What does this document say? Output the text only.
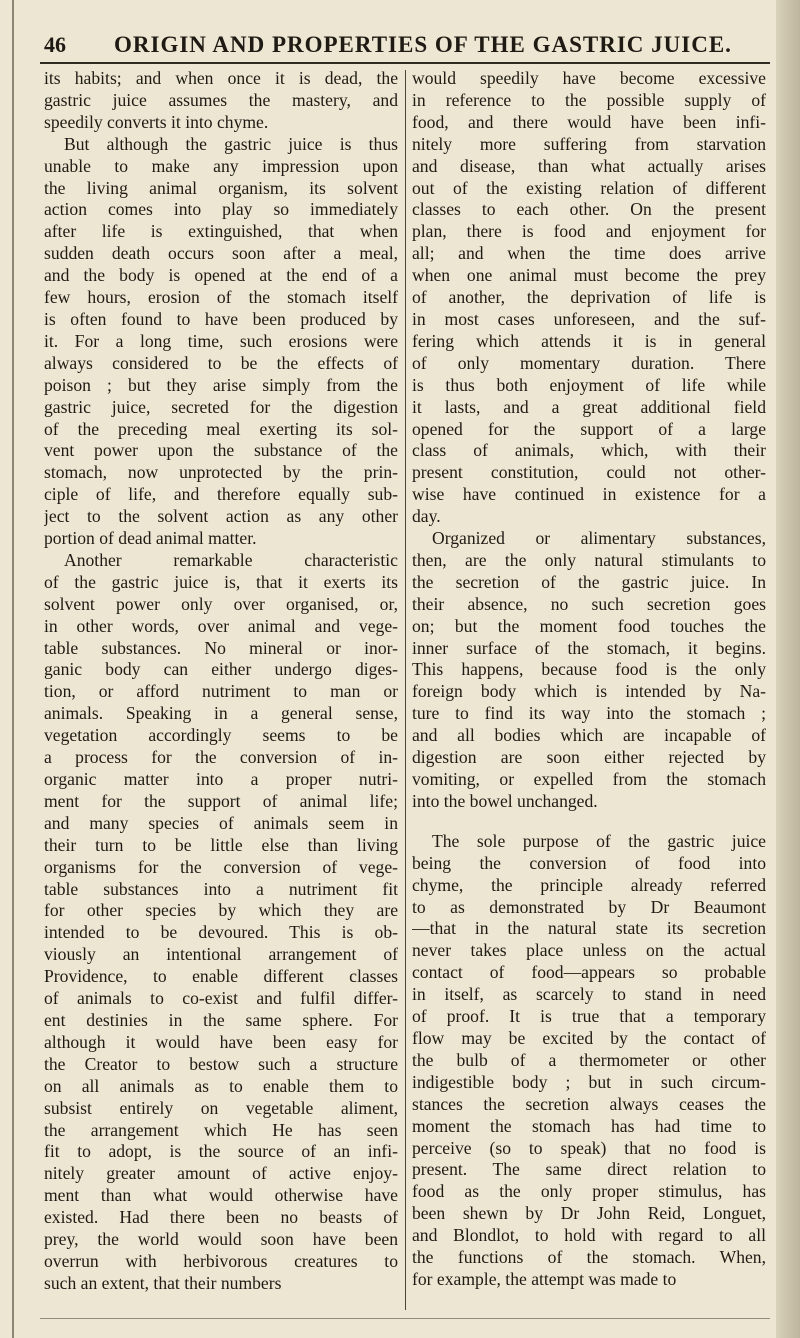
46	ORIGIN AND PROPERTIES OF THE GASTRIC JUICE.
its habits; and when once it is dead, the
gastric juice assumes the mastery, and
speedily converts it into chyme.
But although the gastric juice is thus
unable to make any impression upon
the living animal organism, its solvent
action comes into play so immediately
after life is extinguished, that when
sudden death occurs soon after a meal,
and the body is opened at the end of a
few hours, erosion of the stomach itself
is often found to have been produced by
it. For a long time, such erosions were
always considered to be the effects of
poison ; but they arise simply from the
gastric juice, secreted for the digestion
of the preceding meal exerting its sol-
vent power upon the substance of the
stomach, now unprotected by the prin-
ciple of life, and therefore equally sub-
ject to the solvent action as any other
portion of dead animal matter.
Another remarkable characteristic
of the gastric juice is, that it exerts its
solvent power only over organised, or,
in other words, over animal and vege-
table substances. No mineral or inor-
ganic body can either undergo diges-
tion, or afford nutriment to man or
animals. Speaking in a general sense,
vegetation accordingly seems to be
a process for the conversion of in-
organic matter into a proper nutri-
ment for the support of animal life;
and many species of animals seem in
their turn to be little else than living
organisms for the conversion of vege-
table substances into a nutriment fit
for other species by which they are
intended to be devoured. This is ob-
viously an intentional arrangement of
Providence, to enable different classes
of animals to co-exist and fulfil differ-
ent destinies in the same sphere. For
although it would have been easy for
the Creator to bestow such a structure
on all animals as to enable them to
subsist entirely on vegetable aliment,
the arrangement which He has seen
fit to adopt, is the source of an infi-
nitely greater amount of active enjoy-
ment than what would otherwise have
existed. Had there been no beasts of
prey, the world would soon have been
overrun with herbivorous creatures to
such an extent, that their numbers
would speedily have become excessive
in reference to the possible supply of
food, and there would have been infi-
nitely more suffering from starvation
and disease, than what actually arises
out of the existing relation of different
classes to each other. On the present
plan, there is food and enjoyment for
all; and when the time does arrive
when one animal must become the prey
of another, the deprivation of life is
in most cases unforeseen, and the suf-
fering which attends it is in general
of only momentary duration. There
is thus both enjoyment of life while
it lasts, and a great additional field
opened for the support of a large
class of animals, which, with their
present constitution, could not other-
wise have continued in existence for a
day.
Organized or alimentary substances,
then, are the only natural stimulants to
the secretion of the gastric juice. In
their absence, no such secretion goes
on; but the moment food touches the
inner surface of the stomach, it begins.
This happens, because food is the only
foreign body which is intended by Na-
ture to find its way into the stomach ;
and all bodies which are incapable of
digestion are soon either rejected by
vomiting, or expelled from the stomach
into the bowel unchanged.
The sole purpose of the gastric juice
being the conversion of food into
chyme, the principle already referred
to as demonstrated by Dr Beaumont
—that in the natural state its secretion
never takes place unless on the actual
contact of food—appears so probable
in itself, as scarcely to stand in need
of proof. It is true that a temporary
flow may be excited by the contact of
the bulb of a thermometer or other
indigestible body ; but in such circum-
stances the secretion always ceases the
moment the stomach has had time to
perceive (so to speak) that no food is
present. The same direct relation to
food as the only proper stimulus, has
been shewn by Dr John Reid, Longuet,
and Blondlot, to hold with regard to all
the functions of the stomach. When,
for example, the attempt was made to
